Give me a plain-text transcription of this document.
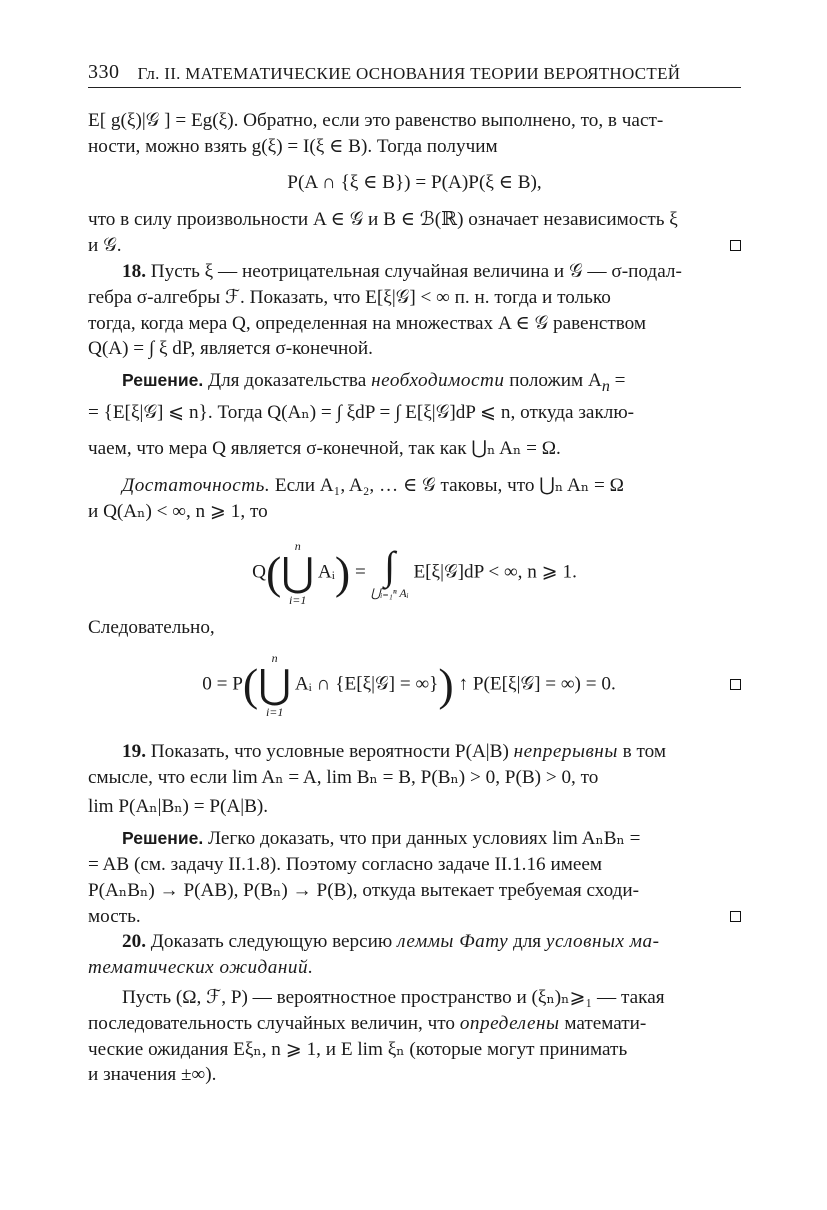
330 Гл. II. МАТЕМАТИЧЕСКИЕ ОСНОВАНИЯ ТЕОРИИ ВЕРОЯТНОСТЕЙ

E[ g(ξ)|𝒢 ] = Eg(ξ). Обратно, если это равенство выполнено, то, в част-
ности, можно взять g(ξ) = I(ξ ∈ B). Тогда получим

P(A ∩ {ξ ∈ B}) = P(A)P(ξ ∈ B),

что в силу произвольности A ∈ 𝒢 и B ∈ ℬ(ℝ) означает независимость ξ
и 𝒢.

18. Пусть ξ — неотрицательная случайная величина и 𝒢 — σ-подал-

гебра σ-алгебры ℱ. Показать, что E[ξ|𝒢] < ∞ п. н. тогда и только
тогда, когда мера Q, определенная на множествах A ∈ 𝒢 равенством
Q(A) = ∫ ξ dP, является σ-конечной.

Решение. Для доказательства необходимости положим $A_n$ =

= {E[ξ|𝒢] ⩽ n}. Тогда Q(Aₙ) = ∫ ξdP = ∫ E[ξ|𝒢]dP ⩽ n, откуда заклю-
чаем, что мера Q является σ-конечной, так как ⋃ₙ Aₙ = Ω.

Достаточность. Если A₁, A₂, … ∈ 𝒢 таковы, что ⋃ₙ Aₙ = Ω

и Q(Aₙ) < ∞, n ⩾ 1, то

Q(
n
⋃
i=1
Aᵢ) = ∫
⋃ᵢ₌₁ⁿ Aᵢ
E[ξ|𝒢]dP < ∞, n ⩾ 1.

Следовательно,

0 = P(
n
⋃
i=1
Aᵢ ∩ {E[ξ|𝒢] = ∞}) ↑ P(E[ξ|𝒢] = ∞) = 0.

19. Показать, что условные вероятности P(A|B) непрерывны в том

смысле, что если lim Aₙ = A, lim Bₙ = B, P(Bₙ) > 0, P(B) > 0, то
lim P(Aₙ|Bₙ) = P(A|B).

Решение. Легко доказать, что при данных условиях lim AₙBₙ =

= AB (см. задачу II.1.8). Поэтому согласно задаче II.1.16 имеем
P(AₙBₙ) → P(AB), P(Bₙ) → P(B), откуда вытекает требуемая сходи-
мость.

20. Доказать следующую версию леммы Фату для условных ма-

тематических ожиданий.

Пусть (Ω, ℱ, P) — вероятностное пространство и (ξₙ)ₙ⩾₁ — такая

последовательность случайных величин, что определены математи-
ческие ожидания Eξₙ, n ⩾ 1, и E lim ξₙ (которые могут принимать
и значения ±∞).
